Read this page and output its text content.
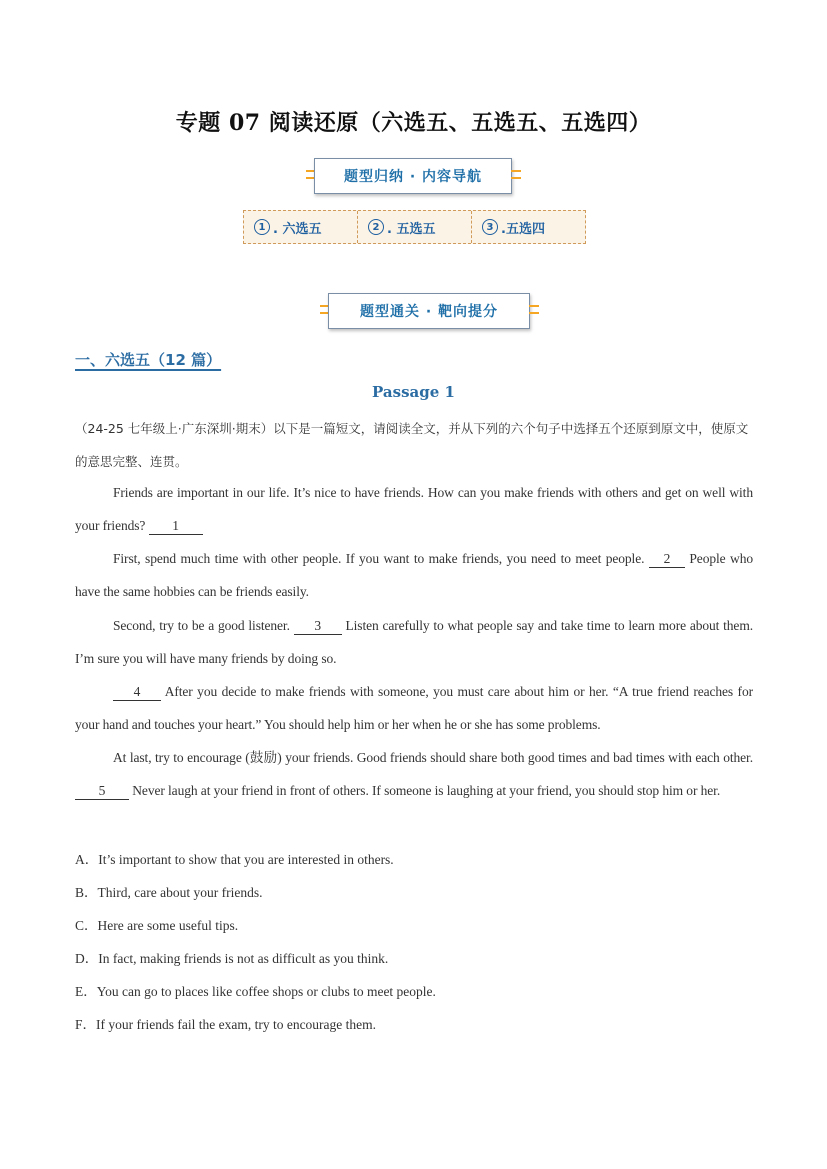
专题 07 阅读还原（六选五、五选五、五选四）
题型归纳 · 内容导航
1 . 六选五	2 . 五选五	3 .五选四
题型通关 · 靶向提分
一、六选五（12 篇）
Passage 1
（24-25 七年级上·广东深圳·期末）以下是一篇短文，请阅读全文，并从下列的六个句子中选择五个还原到原文中，使原文的意思完整、连贯。
Friends are important in our life. It’s nice to have friends. How can you make friends with others and get on well with your friends? 1
First, spend much time with other people. If you want to make friends, you need to meet people. 2 People who have the same hobbies can be friends easily.
Second, try to be a good listener. 3 Listen carefully to what people say and take time to learn more about them. I’m sure you will have many friends by doing so.
4 After you decide to make friends with someone, you must care about him or her. “A true friend reaches for your hand and touches your heart.” You should help him or her when he or she has some problems.
At last, try to encourage (鼓励) your friends. Good friends should share both good times and bad times with each other. 5 Never laugh at your friend in front of others. If someone is laughing at your friend, you should stop him or her.
A．It’s important to show that you are interested in others.
B．Third, care about your friends.
C．Here are some useful tips.
D．In fact, making friends is not as difficult as you think.
E．You can go to places like coffee shops or clubs to meet people.
F．If your friends fail the exam, try to encourage them.
